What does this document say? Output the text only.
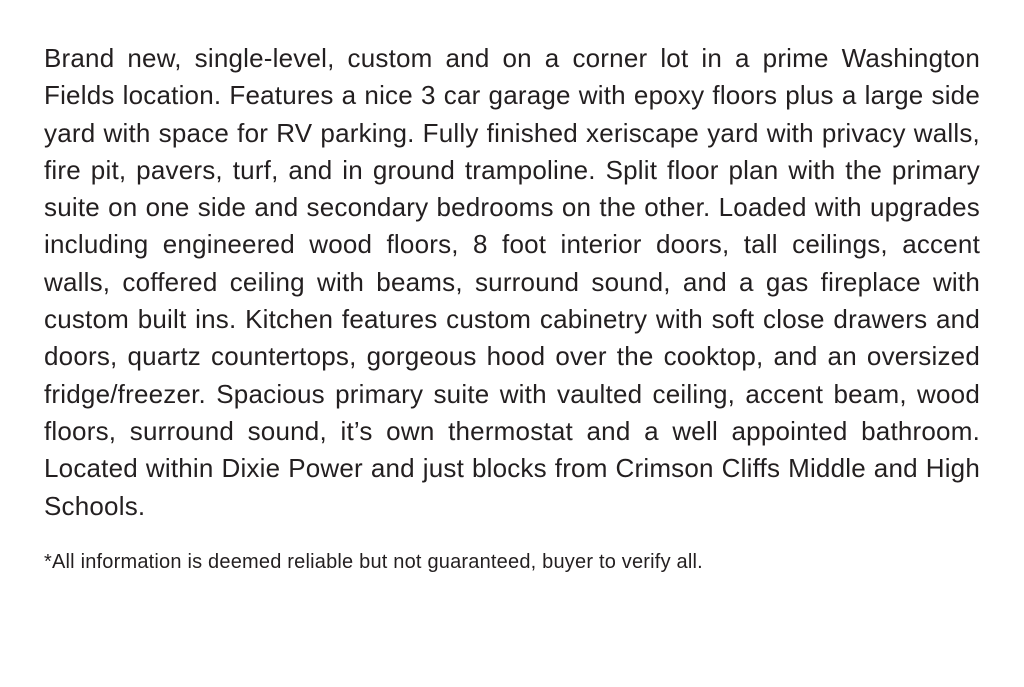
Brand new, single-level, custom and on a corner lot in a prime Washington Fields location. Features a nice 3 car garage with epoxy floors plus a large side yard with space for RV parking. Fully finished xeriscape yard with privacy walls, fire pit, pavers, turf, and in ground trampoline. Split floor plan with the primary suite on one side and secondary bedrooms on the other. Loaded with upgrades including engineered wood floors, 8 foot interior doors, tall ceilings, accent walls, coffered ceiling with beams, surround sound, and a gas fireplace with custom built ins. Kitchen features custom cabinetry with soft close drawers and doors, quartz countertops, gorgeous hood over the cooktop, and an oversized fridge/freezer. Spacious primary suite with vaulted ceiling, accent beam, wood floors, surround sound, it’s own thermostat and a well appointed bathroom. Located within Dixie Power and just blocks from Crimson Cliffs Middle and High Schools.

*All information is deemed reliable but not guaranteed, buyer to verify all.
